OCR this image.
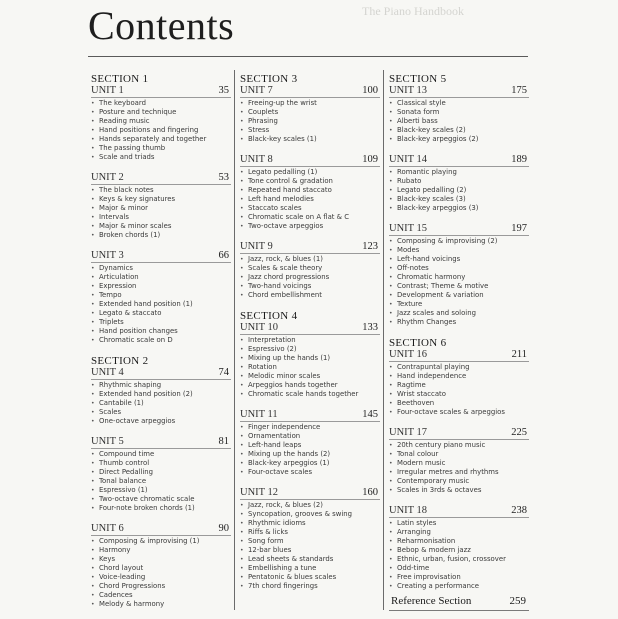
Contents	The Piano Handbook
SECTION 1
UNIT 1	35
• The keyboard
• Posture and technique
• Reading music
• Hand positions and fingering
• Hands separately and together
• The passing thumb
• Scale and triads
UNIT 2	53
• The black notes
• Keys & key signatures
• Major & minor
• Intervals
• Major & minor scales
• Broken chords (1)
UNIT 3	66
• Dynamics
• Articulation
• Expression
• Tempo
• Extended hand position (1)
• Legato & staccato
• Triplets
• Hand position changes
• Chromatic scale on D
SECTION 2
UNIT 4	74
• Rhythmic shaping
• Extended hand position (2)
• Cantabile (1)
• Scales
• One-octave arpeggios
UNIT 5	81
• Compound time
• Thumb control
• Direct Pedalling
• Tonal balance
• Espressivo (1)
• Two-octave chromatic scale
• Four-note broken chords (1)
UNIT 6	90
• Composing & improvising (1)
• Harmony
• Keys
• Chord layout
• Voice-leading
• Chord Progressions
• Cadences
• Melody & harmony
SECTION 3
UNIT 7	100
• Freeing-up the wrist
• Couplets
• Phrasing
• Stress
• Black-key scales (1)
UNIT 8	109
• Legato pedalling (1)
• Tone control & gradation
• Repeated hand staccato
• Left hand melodies
• Staccato scales
• Chromatic scale on A flat & C
• Two-octave arpeggios
UNIT 9	123
• Jazz, rock, & blues (1)
• Scales & scale theory
• Jazz chord progressions
• Two-hand voicings
• Chord embellishment
SECTION 4
UNIT 10	133
• Interpretation
• Espressivo (2)
• Mixing up the hands (1)
• Rotation
• Melodic minor scales
• Arpeggios hands together
• Chromatic scale hands together
UNIT 11	145
• Finger independence
• Ornamentation
• Left-hand leaps
• Mixing up the hands (2)
• Black-key arpeggios (1)
• Four-octave scales
UNIT 12	160
• Jazz, rock, & blues (2)
• Syncopation, grooves & swing
• Rhythmic idioms
• Riffs & licks
• Song form
• 12-bar blues
• Lead sheets & standards
• Embellishing a tune
• Pentatonic & blues scales
• 7th chord fingerings
SECTION 5
UNIT 13	175
• Classical style
• Sonata form
• Alberti bass
• Black-key scales (2)
• Black-key arpeggios (2)
UNIT 14	189
• Romantic playing
• Rubato
• Legato pedalling (2)
• Black-key scales (3)
• Black-key arpeggios (3)
UNIT 15	197
• Composing & improvising (2)
• Modes
• Left-hand voicings
• Off-notes
• Chromatic harmony
• Contrast; Theme & motive
• Development & variation
• Texture
• Jazz scales and soloing
• Rhythm Changes
SECTION 6
UNIT 16	211
• Contrapuntal playing
• Hand independence
• Ragtime
• Wrist staccato
• Beethoven
• Four-octave scales & arpeggios
UNIT 17	225
• 20th century piano music
• Tonal colour
• Modern music
• Irregular metres and rhythms
• Contemporary music
• Scales in 3rds & octaves
UNIT 18	238
• Latin styles
• Arranging
• Reharmonisation
• Bebop & modern jazz
• Ethnic, urban, fusion, crossover
• Odd-time
• Free improvisation
• Creating a performance
Reference Section	259
